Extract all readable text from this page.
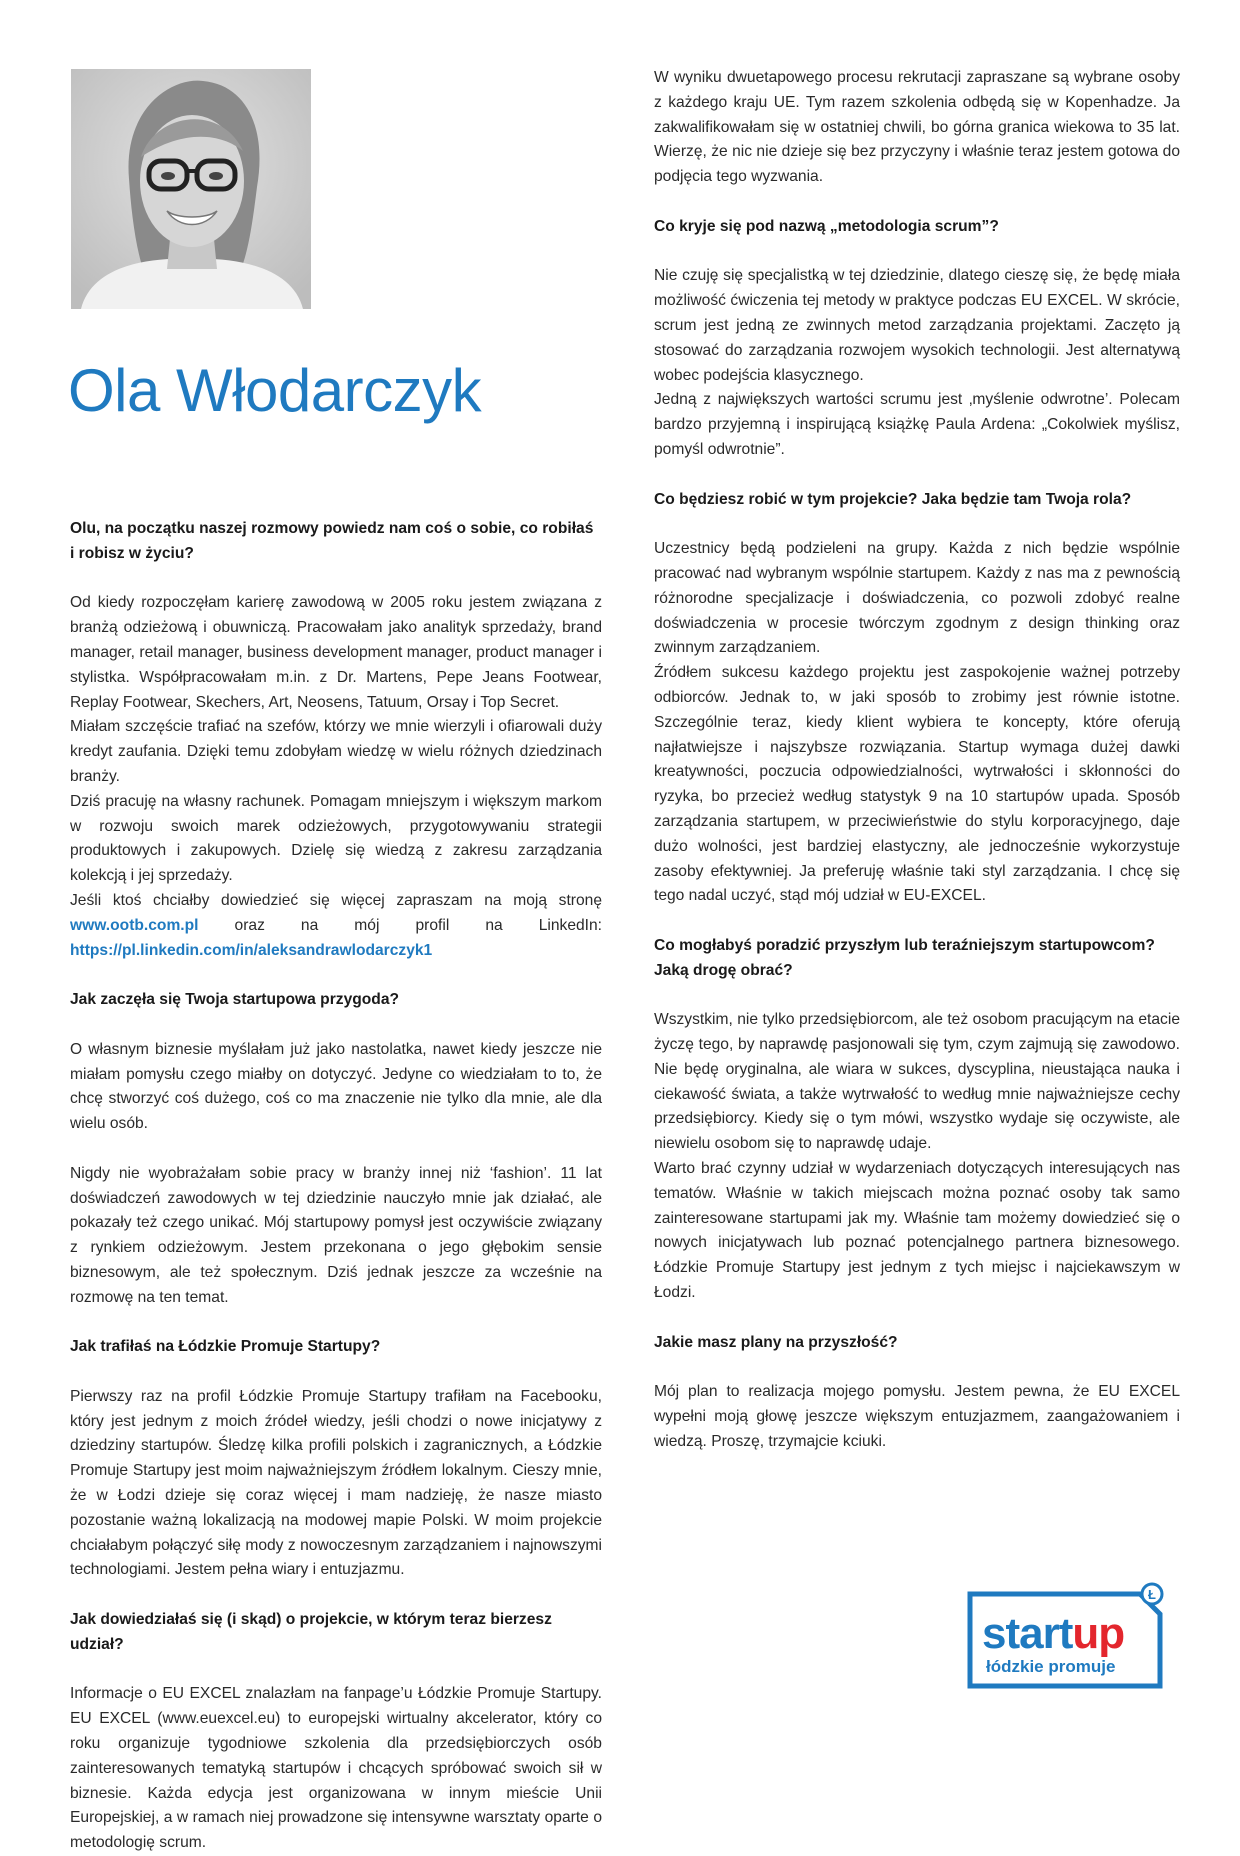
Ola Włodarczyk

Olu, na początku naszej rozmowy powiedz nam coś o sobie, co robiłaś i robisz w życiu?

Od kiedy rozpoczęłam karierę zawodową w 2005 roku jestem związana z branżą odzieżową i obuwniczą. Pracowałam jako analityk sprzedaży, brand manager, retail manager, business development manager, product manager i stylistka. Współpracowałam m.in. z Dr. Martens, Pepe Jeans Footwear, Replay Footwear, Skechers, Art, Neosens, Tatuum, Orsay i Top Secret.

Miałam szczęście trafiać na szefów, którzy we mnie wierzyli i ofiarowali duży kredyt zaufania. Dzięki temu zdobyłam wiedzę w wielu różnych dziedzinach branży.

Dziś pracuję na własny rachunek. Pomagam mniejszym i większym markom w rozwoju swoich marek odzieżowych, przygotowywaniu strategii produktowych i zakupowych. Dzielę się wiedzą z zakresu zarządzania kolekcją i jej sprzedaży.

Jeśli ktoś chciałby dowiedzieć się więcej zapraszam na moją stronę www.ootb.com.pl oraz na mój profil na LinkedIn: https://pl.linkedin.com/in/aleksandrawlodarczyk1

Jak zaczęła się Twoja startupowa przygoda?

O własnym biznesie myślałam już jako nastolatka, nawet kiedy jeszcze nie miałam pomysłu czego miałby on dotyczyć. Jedyne co wiedziałam to to, że chcę stworzyć coś dużego, coś co ma znaczenie nie tylko dla mnie, ale dla wielu osób.

Nigdy nie wyobrażałam sobie pracy w branży innej niż ‘fashion’. 11 lat doświadczeń zawodowych w tej dziedzinie nauczyło mnie jak działać, ale pokazały też czego unikać. Mój startupowy pomysł jest oczywiście związany z rynkiem odzieżowym. Jestem przekonana o jego głębokim sensie biznesowym, ale też społecznym. Dziś jednak jeszcze za wcześnie na rozmowę na ten temat.

Jak trafiłaś na Łódzkie Promuje Startupy?

Pierwszy raz na profil Łódzkie Promuje Startupy trafiłam na Facebooku, który jest jednym z moich źródeł wiedzy, jeśli chodzi o nowe inicjatywy z dziedziny startupów. Śledzę kilka profili polskich i zagranicznych, a Łódzkie Promuje Startupy jest moim najważniejszym źródłem lokalnym. Cieszy mnie, że w Łodzi dzieje się coraz więcej i mam nadzieję, że nasze miasto pozostanie ważną lokalizacją na modowej mapie Polski. W moim projekcie chciałabym połączyć siłę mody z nowoczesnym zarządzaniem i najnowszymi technologiami. Jestem pełna wiary i entuzjazmu.

Jak dowiedziałaś się (i skąd) o projekcie, w którym teraz bierzesz udział?

Informacje o EU EXCEL znalazłam na fanpage’u Łódzkie Promuje Startupy. EU EXCEL (www.euexcel.eu) to europejski wirtualny akcelerator, który co roku organizuje tygodniowe szkolenia dla przedsiębiorczych osób zainteresowanych tematyką startupów i chcących spróbować swoich sił w biznesie. Każda edycja jest organizowana w innym mieście Unii Europejskiej, a w ramach niej prowadzone się intensywne warsztaty oparte o metodologię scrum.

W wyniku dwuetapowego procesu rekrutacji zapraszane są wybrane osoby z każdego kraju UE. Tym razem szkolenia odbędą się w Kopenhadze. Ja zakwalifikowałam się w ostatniej chwili, bo górna granica wiekowa to 35 lat. Wierzę, że nic nie dzieje się bez przyczyny i właśnie teraz jestem gotowa do podjęcia tego wyzwania.

Co kryje się pod nazwą „metodologia scrum”?

Nie czuję się specjalistką w tej dziedzinie, dlatego cieszę się, że będę miała możliwość ćwiczenia tej metody w praktyce podczas EU EXCEL. W skrócie, scrum jest jedną ze zwinnych metod zarządzania projektami. Zaczęto ją stosować do zarządzania rozwojem wysokich technologii. Jest alternatywą wobec podejścia klasycznego.

Jedną z największych wartości scrumu jest ‚myślenie odwrotne’. Polecam bardzo przyjemną i inspirującą książkę Paula Ardena: „Cokolwiek myślisz, pomyśl odwrotnie”.

Co będziesz robić w tym projekcie? Jaka będzie tam Twoja rola?

Uczestnicy będą podzieleni na grupy. Każda z nich będzie wspólnie pracować nad wybranym wspólnie startupem. Każdy z nas ma z pewnością różnorodne specjalizacje i doświadczenia, co pozwoli zdobyć realne doświadczenia w procesie twórczym zgodnym z design thinking oraz zwinnym zarządzaniem.

Źródłem sukcesu każdego projektu jest zaspokojenie ważnej potrzeby odbiorców. Jednak to, w jaki sposób to zrobimy jest równie istotne. Szczególnie teraz, kiedy klient wybiera te koncepty, które oferują najłatwiejsze i najszybsze rozwiązania. Startup wymaga dużej dawki kreatywności, poczucia odpowiedzialności, wytrwałości i skłonności do ryzyka, bo przecież według statystyk 9 na 10 startupów upada. Sposób zarządzania startupem, w przeciwieństwie do stylu korporacyjnego, daje dużo wolności, jest bardziej elastyczny, ale jednocześnie wykorzystuje zasoby efektywniej. Ja preferuję właśnie taki styl zarządzania. I chcę się tego nadal uczyć, stąd mój udział w EU-EXCEL.

Co mogłabyś poradzić przyszłym lub teraźniejszym startupowcom?
Jaką drogę obrać?

Wszystkim, nie tylko przedsiębiorcom, ale też osobom pracującym na etacie życzę tego, by naprawdę pasjonowali się tym, czym zajmują się zawodowo. Nie będę oryginalna, ale wiara w sukces, dyscyplina, nieustająca nauka i ciekawość świata, a także wytrwałość to według mnie najważniejsze cechy przedsiębiorcy. Kiedy się o tym mówi, wszystko wydaje się oczywiste, ale niewielu osobom się to naprawdę udaje.

Warto brać czynny udział w wydarzeniach dotyczących interesujących nas tematów. Właśnie w takich miejscach można poznać osoby tak samo zainteresowane startupami jak my. Właśnie tam możemy dowiedzieć się o nowych inicjatywach lub poznać potencjalnego partnera biznesowego. Łódzkie Promuje Startupy jest jednym z tych miejsc i najciekawszym w Łodzi.

Jakie masz plany na przyszłość?

Mój plan to realizacja mojego pomysłu. Jestem pewna, że EU EXCEL wypełni moją głowę jeszcze większym entuzjazmem, zaangażowaniem i wiedzą. Proszę, trzymajcie kciuki.

Ł
startup
łódzkie promuje
